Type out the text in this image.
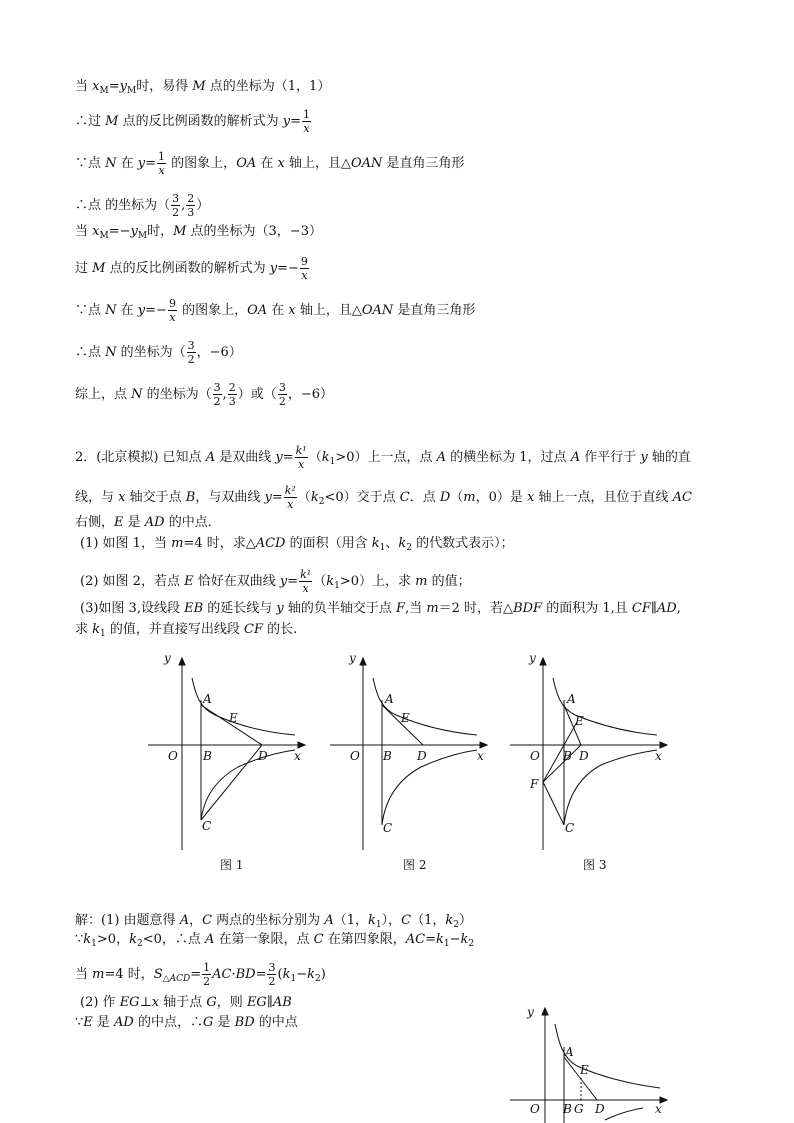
当 $x_M=y_M$时，易得 M 点的坐标为（1，1）
∴过 M 点的反比例函数的解析式为 $y= \frac{1}{x}$
∵点 N 在 $y= \frac{1}{x}$ 的图象上，OA 在 x 轴上，且△OAN 是直角三角形
∴点 的坐标为（ $\frac{3}{2}$ , $\frac{2}{3}$ ）
当 $x_M=-y_M$时，M 点的坐标为（3，−3）
过 M 点的反比例函数的解析式为 $y=- \frac{9}{x}$
∵点 N 在 $y=- \frac{9}{x}$ 的图象上，OA 在 x 轴上，且△OAN 是直角三角形
∴点 N 的坐标为（ $\frac{3}{2}$ ，−6）
综上，点 N 的坐标为（ $\frac{3}{2}$ , $\frac{2}{3}$ ）或（ $\frac{3}{2}$ ，−6）
2．(北京模拟) 已知点 A 是双曲线 $y= \frac{\text{k¹}}{x} (k_1>0)$上一点，点 A 的横坐标为 1，过点 A 作平行于 y 轴的直
线，与 x 轴交于点 B，与双曲线 $y= \frac{\text{k²}}{x} (k_2<0)$交于点 C．点 D（m，0）是 x 轴上一点，且位于直线 AC
右侧，E 是 AD 的中点．
(1) 如图 1，当 m=4 时，求△ACD 的面积（用含 $k_1$、$k_2$ 的代数式表示）；
(2) 如图 2，若点 E 恰好在双曲线 $y= \frac{\text{k¹}}{x} (k_1>0)$上，求 m 的值；
(3)如图 3,设线段 EB 的延长线与 y 轴的负半轴交于点 F,当 m＝2 时，若△BDF 的面积为 1,且 CF∥AD,
求 $k_1$ 的值，并直接写出线段 CF 的长.
y
x
O
A
B
C
D
E
图 1
y
x
O
A
B
C
D
E
图 2
y
x
O
A
B
C
D
E
F
图 3
解：(1) 由题意得 A，C 两点的坐标分别为 A（1，$k_1$），C（1，$k_2$）
$\because k_1>0$，$k_2<0$，∴点 A 在第一象限，点 C 在第四象限，$AC=k_1-k_2$
当 m=4 时，$S_{\triangle ACD}= \frac{1}{2} AC\cdot BD= \frac{3}{2} (k_1-k_2)$
(2) 作 EG⊥x 轴于点 G，则 EG∥AB
∵E 是 AD 的中点，∴G 是 BD 的中点
y
x
O
A
B G D
E
